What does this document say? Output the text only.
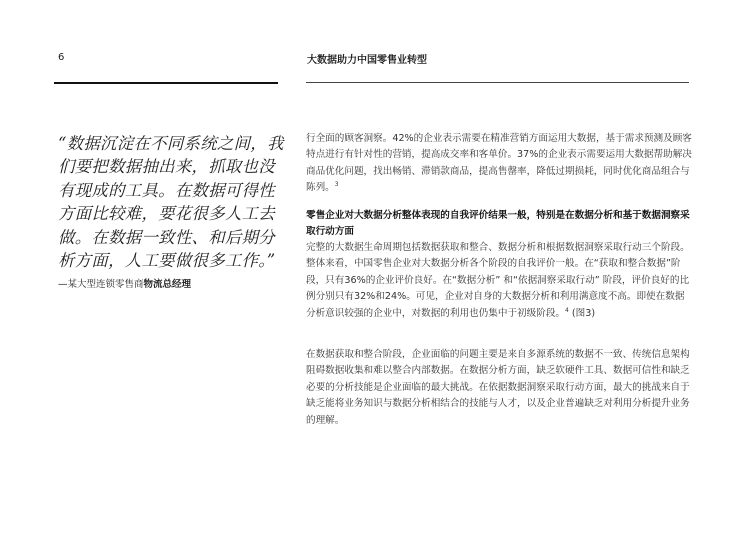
6	大数据助力中国零售业转型
“数据沉淀在不同系统之间，我们要把数据抽出来，抓取也没有现成的工具。在数据可得性方面比较难，要花很多人工去做。在数据一致性、和后期分析方面，人工要做很多工作。”
—某大型连锁零售商物流总经理

行全面的顾客洞察。42%的企业表示需要在精准营销方面运用大数据，基于需求预测及顾客特点进行有针对性的营销，提高成交率和客单价。37%的企业表示需要运用大数据帮助解决商品优化问题，找出畅销、滞销款商品，提高售罄率，降低过期损耗，同时优化商品组合与陈列。$^3$

零售企业对大数据分析整体表现的自我评价结果一般，特别是在数据分析和基于数据洞察采取行动方面

完整的大数据生命周期包括数据获取和整合、数据分析和根据数据洞察采取行动三个阶段。整体来看，中国零售企业对大数据分析各个阶段的自我评价一般。在“获取和整合数据”阶段，只有36%的企业评价良好。在“数据分析” 和“依据洞察采取行动” 阶段，评价良好的比例分别只有32%和24%。可见，企业对自身的大数据分析和利用满意度不高。即使在数据分析意识较强的企业中，对数据的利用也仍集中于初级阶段。$^4$ (图3)

在数据获取和整合阶段，企业面临的问题主要是来自多源系统的数据不一致、传统信息架构阻碍数据收集和难以整合内部数据。在数据分析方面，缺乏软硬件工具、数据可信性和缺乏必要的分析技能是企业面临的最大挑战。在依据数据洞察采取行动方面，最大的挑战来自于缺乏能将业务知识与数据分析相结合的技能与人才，以及企业普遍缺乏对利用分析提升业务的理解。
